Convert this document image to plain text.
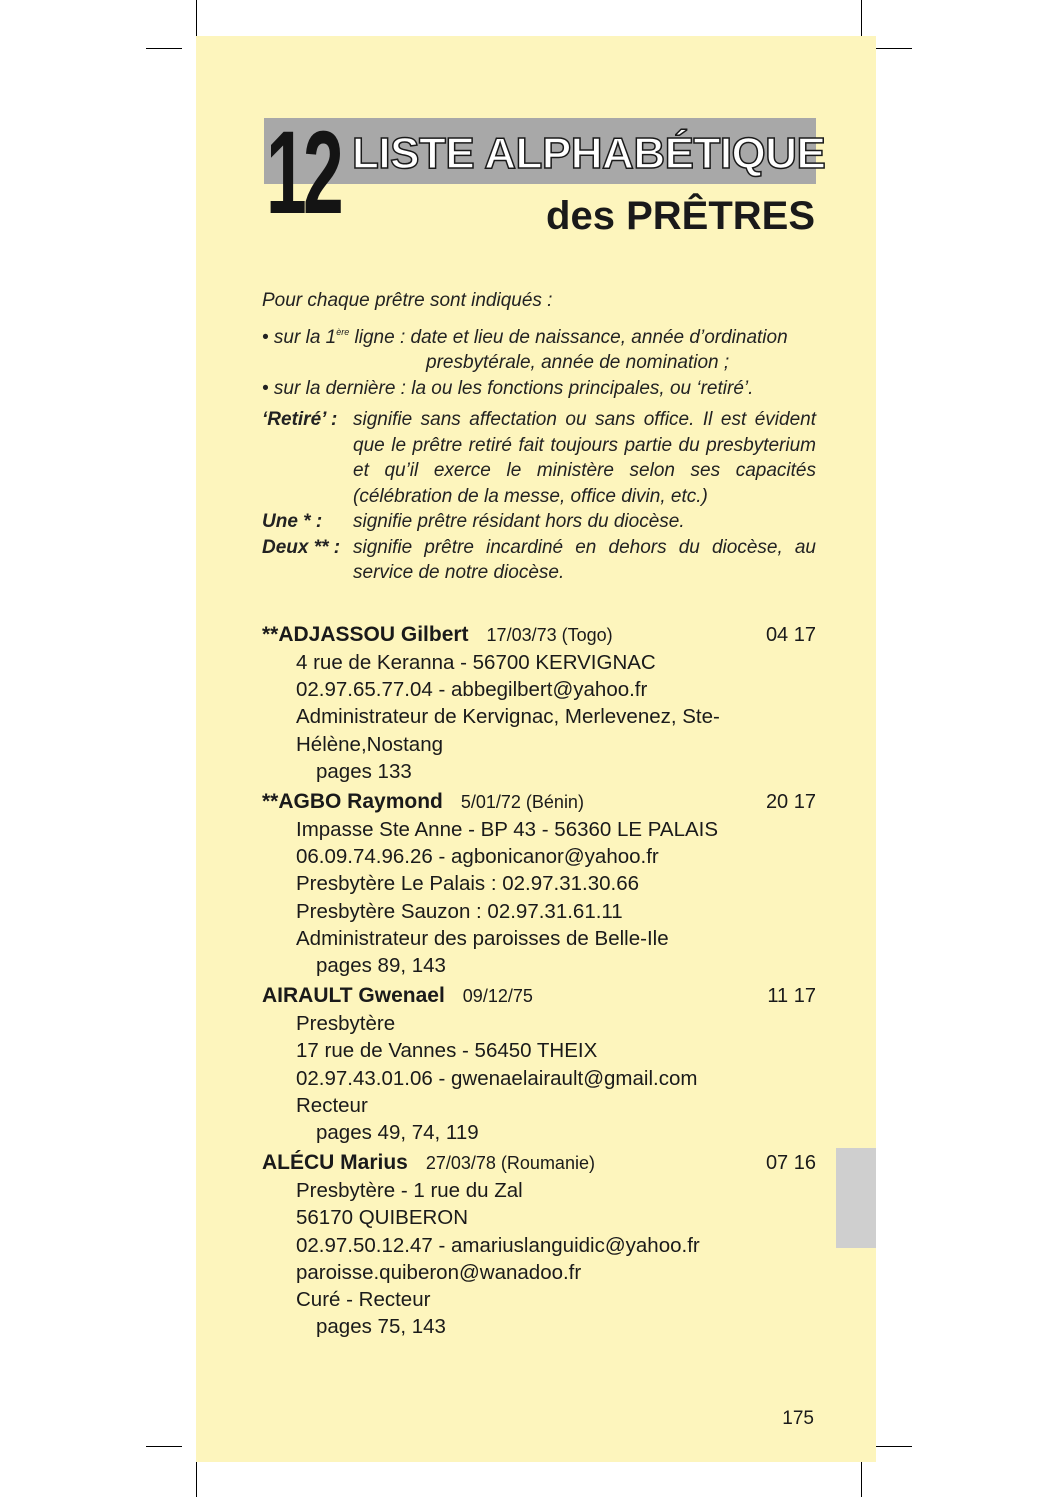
12 LISTE ALPHABÉTIQUE
des PRÊTRES

Pour chaque prêtre sont indiqués :

• sur la 1ère ligne : date et lieu de naissance, année d’ordination

presbytérale, année de nomination ;

• sur la dernière : la ou les fonctions principales, ou ‘retiré’.

‘Retiré’ : signifie sans affectation ou sans office. Il est évident que le prêtre retiré fait toujours partie du presbyterium et qu’il exerce le ministère selon ses capacités (célébration de la messe, office divin, etc.)
Une * :	signifie prêtre résidant hors du diocèse.
Deux ** : signifie prêtre incardiné en dehors du diocèse, au service de notre diocèse.
**ADJASSOU Gilbert 17/03/73 (Togo)	04 17
4 rue de Keranna - 56700 KERVIGNAC
02.97.65.77.04 - abbegilbert@yahoo.fr
Administrateur de Kervignac, Merlevenez, Ste-
Hélène,Nostang
pages 133
**AGBO Raymond 5/01/72 (Bénin)	20 17
Impasse Ste Anne - BP 43 - 56360 LE PALAIS
06.09.74.96.26 - agbonicanor@yahoo.fr
Presbytère Le Palais : 02.97.31.30.66
Presbytère Sauzon : 02.97.31.61.11
Administrateur des paroisses de Belle-Ile
pages 89, 143
AIRAULT Gwenael 09/12/75	11 17
Presbytère
17 rue de Vannes - 56450 THEIX
02.97.43.01.06 - gwenaelairault@gmail.com
Recteur
pages 49, 74, 119
ALÉCU Marius 27/03/78 (Roumanie)	07 16
Presbytère - 1 rue du Zal
56170 QUIBERON
02.97.50.12.47 - amariuslanguidic@yahoo.fr
paroisse.quiberon@wanadoo.fr
Curé - Recteur
pages 75, 143
175
